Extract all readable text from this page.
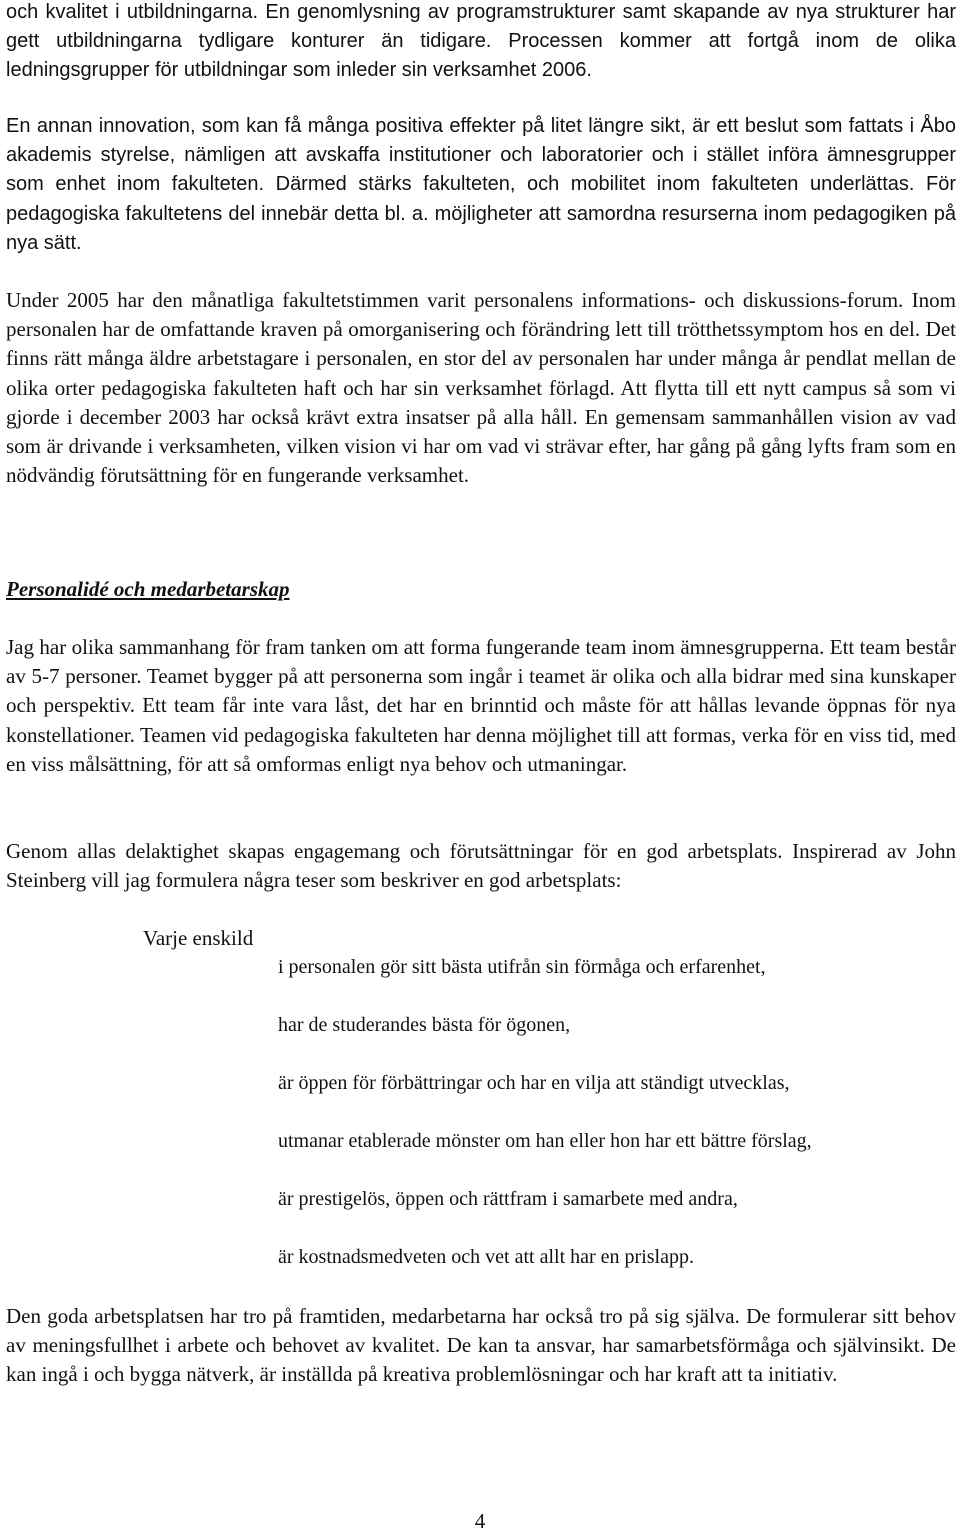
och kvalitet i utbildningarna. En genomlysning av programstrukturer samt skapande av nya strukturer har gett utbildningarna tydligare konturer än tidigare. Processen kommer att fortgå inom de olika ledningsgrupper för utbildningar som inleder sin verksamhet 2006.

En annan innovation, som kan få många positiva effekter på litet längre sikt, är ett beslut som fattats i Åbo akademis styrelse, nämligen att avskaffa institutioner och laboratorier och i stället införa ämnesgrupper som enhet inom fakulteten. Därmed stärks fakulteten, och mobilitet inom fakulteten underlättas. För pedagogiska fakultetens del innebär detta bl. a. möjligheter att samordna resurserna inom pedagogiken på nya sätt.

Under 2005 har den månatliga fakultetstimmen varit personalens informations- och diskussions-forum. Inom personalen har de omfattande kraven på omorganisering och förändring lett till trötthetssymptom hos en del. Det finns rätt många äldre arbetstagare i personalen, en stor del av personalen har under många år pendlat mellan de olika orter pedagogiska fakulteten haft och har sin verksamhet förlagd. Att flytta till ett nytt campus så som vi gjorde i december 2003 har också krävt extra insatser på alla håll. En gemensam sammanhållen vision av vad som är drivande i verksamheten, vilken vision vi har om vad vi strävar efter, har gång på gång lyfts fram som en nödvändig förutsättning för en fungerande verksamhet.

Personalidé och medarbetarskap

Jag har olika sammanhang för fram tanken om att forma fungerande team inom ämnesgrupperna. Ett team består av 5-7 personer. Teamet bygger på att personerna som ingår i teamet är olika och alla bidrar med sina kunskaper och perspektiv. Ett team får inte vara låst, det har en brinntid och måste för att hållas levande öppnas för nya konstellationer. Teamen vid pedagogiska fakulteten har denna möjlighet till att formas, verka för en viss tid, med en viss målsättning, för att så omformas enligt nya behov och utmaningar.

Genom allas delaktighet skapas engagemang och förutsättningar för en god arbetsplats. Inspirerad av John Steinberg vill jag formulera några teser som beskriver en god arbetsplats:

Varje enskild

i personalen gör sitt bästa utifrån sin förmåga och erfarenhet,
har de studerandes bästa för ögonen,
är öppen för förbättringar och har en vilja att ständigt utvecklas,
utmanar etablerade mönster om han eller hon har ett bättre förslag,
är prestigelös, öppen och rättfram i samarbete med andra,
är kostnadsmedveten och vet att allt har en prislapp.

Den goda arbetsplatsen har tro på framtiden, medarbetarna har också tro på sig själva. De formulerar sitt behov av meningsfullhet i arbete och behovet av kvalitet. De kan ta ansvar, har samarbetsförmåga och självinsikt. De kan ingå i och bygga nätverk, är inställda på kreativa problemlösningar och har kraft att ta initiativ.

4
